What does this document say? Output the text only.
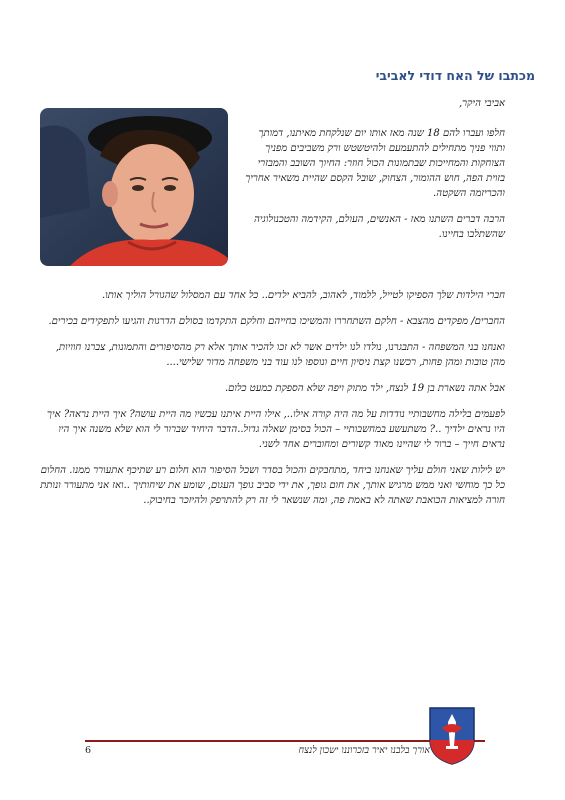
מכתבו של האח דודי לאביבי

אביבי היקר,

חלפו ועברו להם 18 שנה מאז אותו יום שנלקחת מאיתנו, דמותך ותווי פניך מתחילים להתעמעם ולהיטשטש ורק משביבים מפניך הצוחקות והמחייכות שבתמונות הכול חוזר: החיוך השובב והמבזרי בזוית הפה, חוש ההומור, הצחוק, שובל הקסם שהיית משאיר אחריך והכריזמה השקטה.

הרבה דברים השתנו מאז - האנשים, העולם, הקידמה והטכנולוגיה שהשתלבו בחיינו.

חברי הילדות שלך הספיקו לטייל, ללמוד, לאהוב, להביא ילדים.. כל אחד עם המסלול שהגורל הוליך אותו.

החברים/ מפקדים מהצבא - חלקם השתחררו והמשיכו בחייהם וחלקם התקדמו בסולם הדרגות והגיעו לתפקידים בכירים.

ואנחנו בני המשפחה - התבגרנו, נולדו לנו ילדים אשר לא זכו להכיר אותך אלא רק מהסיפורים והתמונות, צברנו חוויות, מהן טובות ומהן פחות, רכשנו קצת ניסיון חיים ונוספו לנו עוד בני משפחה מדור שלישי....

אבל אתה נשארת בן 19 לנצח, ילד מתוק ויפה שלא הספקת כמעט כלום.

לפעמים בלילה מחשבותיי נודדות על מה היה קורה אילו.., אילו היית איתנו עכשיו מה היית עושה? איך היית נראה? איך היו נראים ילדיך ..? משתעשע במחשבותיי – הכול בסימן שאלה גדול..הדבר היחיד שברור לי הוא שלא משנה איך היו נראים חייך – ברור לי שהיינו מאוד קשורים ומחוברים אחד לשני.

יש לילות שאני חולם עליך שאנחנו ביחד ,מתחבקים והכול בסדר ושכל הסיפור הוא חלום רע שתיכף אתעורר ממנו. החלום כל כך מוחשי ואני ממש מרגיש אותך, את חום גופך, את ידי סביב גופך העגום, שומע את שיחותיך ..ואז אני מתעורר ונותת חורה למציאות הכואבת שאתה לא באמת פה, ומה שנשאר לי זה רק להתרפק ולהיזכר בחיבוק..

אורך בלבנו יאיר בזכרוננו ישכון לנצח
6
